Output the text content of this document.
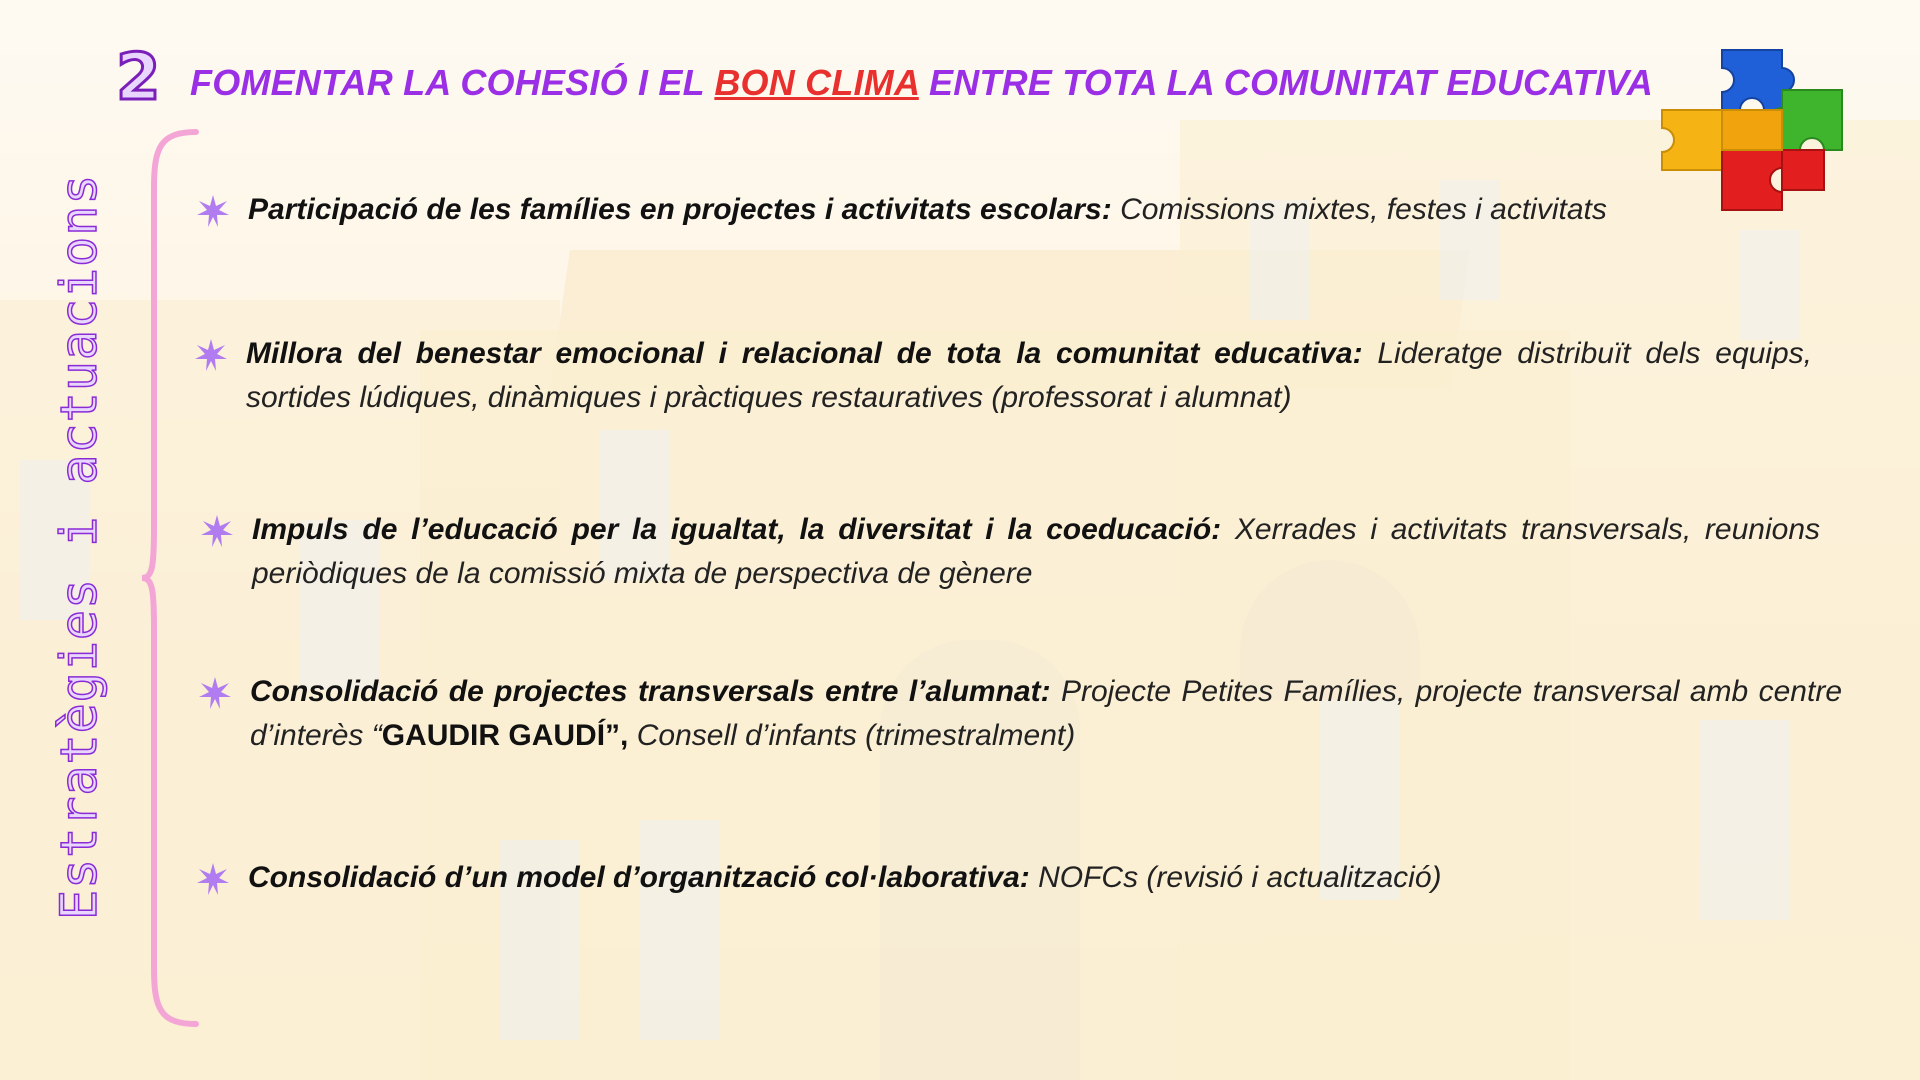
2 FOMENTAR LA COHESIÓ I EL BON CLIMA ENTRE TOTA LA COMUNITAT EDUCATIVA
Estratègies i actuacions	Participació de les famílies en projectes i activitats escolars: Comissions mixtes, festes i activitats
Millora del benestar emocional i relacional de tota la comunitat educativa: Lideratge distribuït dels equips, sortides lúdiques, dinàmiques i pràctiques restauratives (professorat i alumnat)
Impuls de l’educació per la igualtat, la diversitat i la coeducació: Xerrades i activitats transversals, reunions periòdiques de la comissió mixta de perspectiva de gènere
Consolidació de projectes transversals entre l’alumnat: Projecte Petites Famílies, projecte transversal amb centre d’interès “GAUDIR GAUDÍ”, Consell d’infants (trimestralment)
Consolidació d’un model d’organització col·laborativa: NOFCs (revisió i actualització)
